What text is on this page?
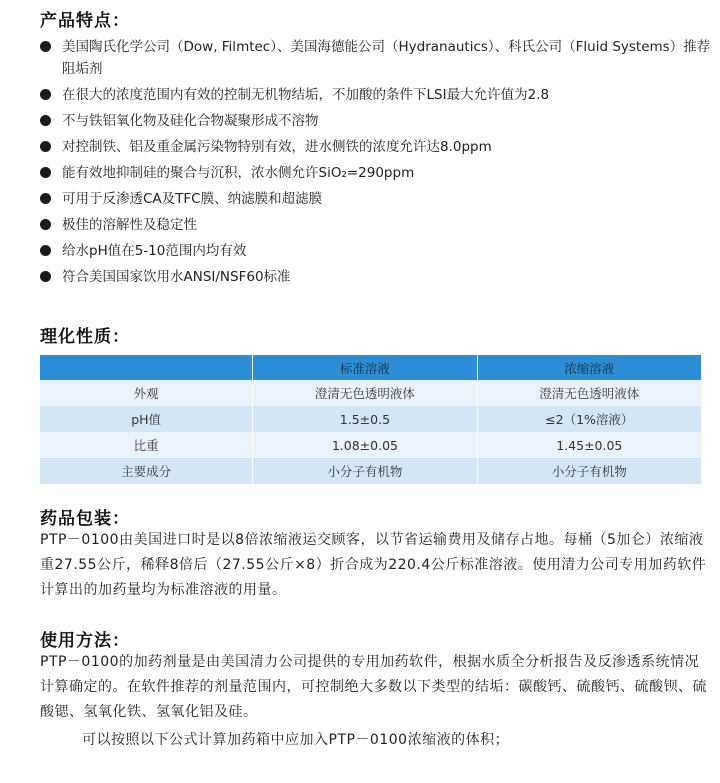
产品特点：
美国陶氏化学公司（Dow, Filmtec）、美国海德能公司（Hydranautics）、科氏公司（Fluid Systems）推荐阻垢剂
在很大的浓度范围内有效的控制无机物结垢，不加酸的条件下LSI最大允许值为2.8
不与铁铝氧化物及硅化合物凝聚形成不溶物
对控制铁、铝及重金属污染物特别有效，进水侧铁的浓度允许达8.0ppm
能有效地抑制硅的聚合与沉积，浓水侧允许SiO₂=290ppm
可用于反渗透CA及TFC膜、纳滤膜和超滤膜
极佳的溶解性及稳定性
给水pH值在5-10范围内均有效
符合美国国家饮用水ANSI/NSF60标准
理化性质：
	标准溶液	浓缩溶液
外观	澄清无色透明液体	澄清无色透明液体
pH值	1.5±0.5	≤2（1%溶液）
比重	1.08±0.05	1.45±0.05
主要成分	小分子有机物	小分子有机物
药品包装：

PTP－0100由美国进口时是以8倍浓缩液运交顾客，以节省运输费用及储存占地。每桶（5加仑）浓缩液重27.55公斤，稀释8倍后（27.55公斤×8）折合成为220.4公斤标准溶液。使用清力公司专用加药软件计算出的加药量均为标准溶液的用量。

使用方法：

PTP－0100的加药剂量是由美国清力公司提供的专用加药软件，根据水质全分析报告及反渗透系统情况计算确定的。在软件推荐的剂量范围内，可控制绝大多数以下类型的结垢：碳酸钙、硫酸钙、硫酸钡、硫酸锶、氢氧化铁、氢氧化铝及硅。

可以按照以下公式计算加药箱中应加入PTP－0100浓缩液的体积；
